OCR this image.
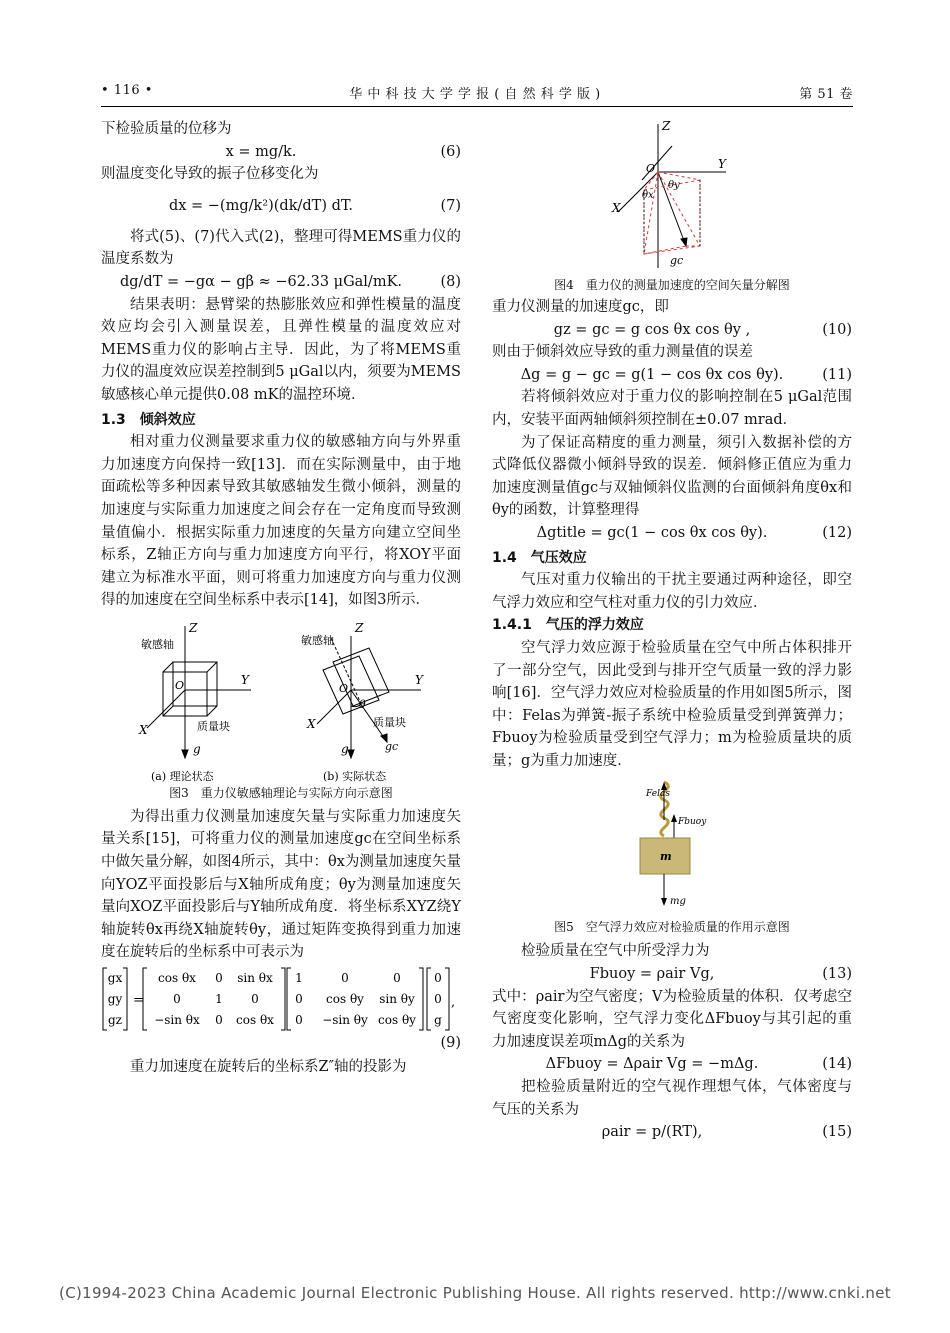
• 116 •	华 中 科 技 大 学 学 报 ( 自 然 科 学 版 )	第 51 卷

下检验质量的位移为

x = mg/k.	(6)

则温度变化导致的振子位移变化为

dx = −(mg/k²)(dk/dT) dT.	(7)

将式(5)、(7)代入式(2)，整理可得MEMS重力仪的温度系数为

dg/dT = −gα − gβ ≈ −62.33 μGal/mK.	(8)

结果表明：悬臂梁的热膨胀效应和弹性模量的温度效应均会引入测量误差，且弹性模量的温度效应对MEMS重力仪的影响占主导．因此，为了将MEMS重力仪的温度效应误差控制到5 μGal以内，须要为MEMS敏感核心单元提供0.08 mK的温控环境．

1.3　倾斜效应

相对重力仪测量要求重力仪的敏感轴方向与外界重力加速度方向保持一致[13]．而在实际测量中，由于地面疏松等多种因素导致其敏感轴发生微小倾斜，测量的加速度与实际重力加速度之间会存在一定角度而导致测量值偏小．根据实际重力加速度的矢量方向建立空间坐标系，Z轴正方向与重力加速度方向平行，将XOY平面建立为标准水平面，则可将重力加速度方向与重力仪测得的加速度在空间坐标系中表示[14]，如图3所示．

Z
敏感轴
O	Y
X	质量块
g
敏感轴
Z
O
θ
Y
X	质量块
g	gc
(a) 理论状态	(b) 实际状态
图3　重力仪敏感轴理论与实际方向示意图

为得出重力仪测量加速度矢量与实际重力加速度矢量关系[15]，可将重力仪的测量加速度gc在空间坐标系中做矢量分解，如图4所示，其中：θx为测量加速度矢量向YOZ平面投影后与X轴所成角度；θy为测量加速度矢量向XOZ平面投影后与Y轴所成角度．将坐标系XYZ绕Y轴旋转θx再绕X轴旋转θy，通过矩阵变换得到重力加速度在旋转后的坐标系中可表示为

=	,
gx
gy
gz
cos θx 0 sin θx
0	1 0
−sin θx 0 cos θx
1	0	0
0 cos θy sin θy
0 −sin θy cos θy
0
0
g
(9)

重力加速度在旋转后的坐标系Z″轴的投影为

Z
Y
X
O
θy
θx
gc
图4　重力仪的测量加速度的空间矢量分解图

重力仪测量的加速度gc，即

gz = gc = g cos θx cos θy ,	(10)

则由于倾斜效应导致的重力测量值的误差

Δg = g − gc = g(1 − cos θx cos θy).	(11)

若将倾斜效应对于重力仪的影响控制在5 μGal范围内，安装平面两轴倾斜须控制在±0.07 mrad．

为了保证高精度的重力测量，须引入数据补偿的方式降低仪器微小倾斜导致的误差．倾斜修正值应为重力加速度测量值gc与双轴倾斜仪监测的台面倾斜角度θx和θy的函数，计算整理得

Δgtitle = gc(1 − cos θx cos θy).	(12)

1.4　气压效应

气压对重力仪输出的干扰主要通过两种途径，即空气浮力效应和空气柱对重力仪的引力效应．

1.4.1　气压的浮力效应

空气浮力效应源于检验质量在空气中所占体积排开了一部分空气，因此受到与排开空气质量一致的浮力影响[16]．空气浮力效应对检验质量的作用如图5所示，图中：Felas为弹簧-振子系统中检验质量受到弹簧弹力；Fbuoy为检验质量受到空气浮力；m为检验质量块的质量；g为重力加速度．

Felas
Fbuoy
m
mg
图5　空气浮力效应对检验质量的作用示意图

检验质量在空气中所受浮力为

Fbuoy = ρair Vg,	(13)

式中：ρair为空气密度；V为检验质量的体积．仅考虑空气密度变化影响，空气浮力变化ΔFbuoy与其引起的重力加速度误差项mΔg的关系为

ΔFbuoy = Δρair Vg = −mΔg.	(14)

把检验质量附近的空气视作理想气体，气体密度与气压的关系为

ρair = p/(RT),	(15)
(C)1994-2023 China Academic Journal Electronic Publishing House. All rights reserved. http://www.cnki.net
